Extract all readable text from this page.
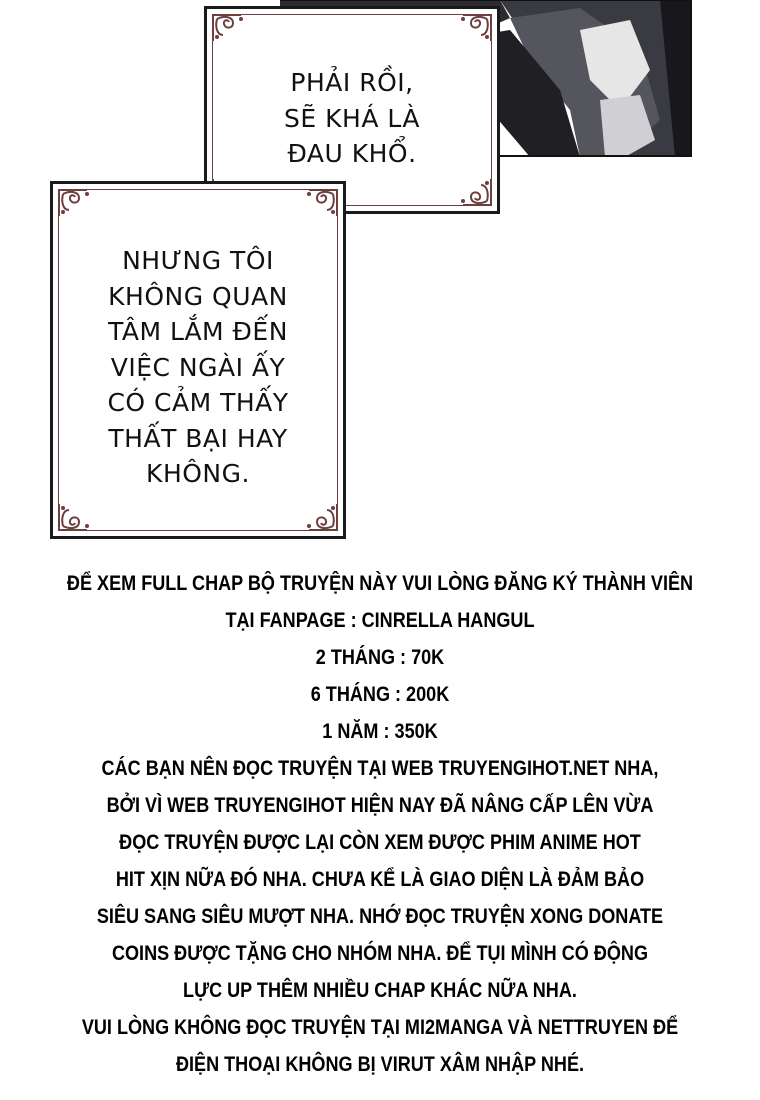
PHẢI RỒI,
SẼ KHÁ LÀ
ĐAU KHỔ.
NHƯNG TÔI
KHÔNG QUAN
TÂM LẮM ĐẾN
VIỆC NGÀI ẤY
CÓ CẢM THẤY
THẤT BẠI HAY
KHÔNG.
ĐỂ XEM FULL CHAP BỘ TRUYỆN NÀY VUI LÒNG ĐĂNG KÝ THÀNH VIÊN
TẠI FANPAGE : CINRELLA HANGUL
2 THÁNG : 70K
6 THÁNG : 200K
1 NĂM : 350K
CÁC BẠN NÊN ĐỌC TRUYỆN TẠI WEB TRUYENGIHOT.NET NHA,
BỞI VÌ WEB TRUYENGIHOT HIỆN NAY ĐÃ NÂNG CẤP LÊN VỪA
ĐỌC TRUYỆN ĐƯỢC LẠI CÒN XEM ĐƯỢC PHIM ANIME HOT
HIT XỊN NỮA ĐÓ NHA. CHƯA KỂ LÀ GIAO DIỆN LÀ ĐẢM BẢO
SIÊU SANG SIÊU MƯỢT NHA. NHỚ ĐỌC TRUYỆN XONG DONATE
COINS ĐƯỢC TẶNG CHO NHÓM NHA. ĐỂ TỤI MÌNH CÓ ĐỘNG
LỰC UP THÊM NHIỀU CHAP KHÁC NỮA NHA.
VUI LÒNG KHÔNG ĐỌC TRUYỆN TẠI MI2MANGA VÀ NETTRUYEN ĐỂ
ĐIỆN THOẠI KHÔNG BỊ VIRUT XÂM NHẬP NHÉ.
